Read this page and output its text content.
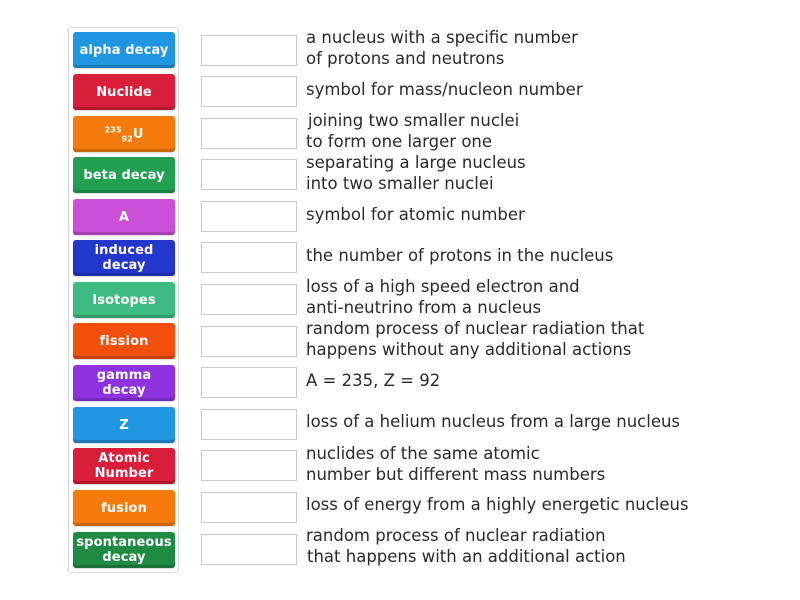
alpha decay
Nuclide
$^{235}_{92}$U
beta decay
A
induced decay
Isotopes
fission
gamma decay
Z
Atomic Number
fusion
spontaneous decay
a nucleus with a specific number
of protons and neutrons
symbol for mass/nucleon number
joining two smaller nuclei
to form one larger one
separating a large nucleus
into two smaller nuclei
symbol for atomic number
the number of protons in the nucleus
loss of a high speed electron and
anti-neutrino from a nucleus
random process of nuclear radiation that
happens without any additional actions
A = 235, Z = 92
loss of a helium nucleus from a large nucleus
nuclides of the same atomic
number but different mass numbers
loss of energy from a highly energetic nucleus
random process of nuclear radiation
that happens with an additional action
